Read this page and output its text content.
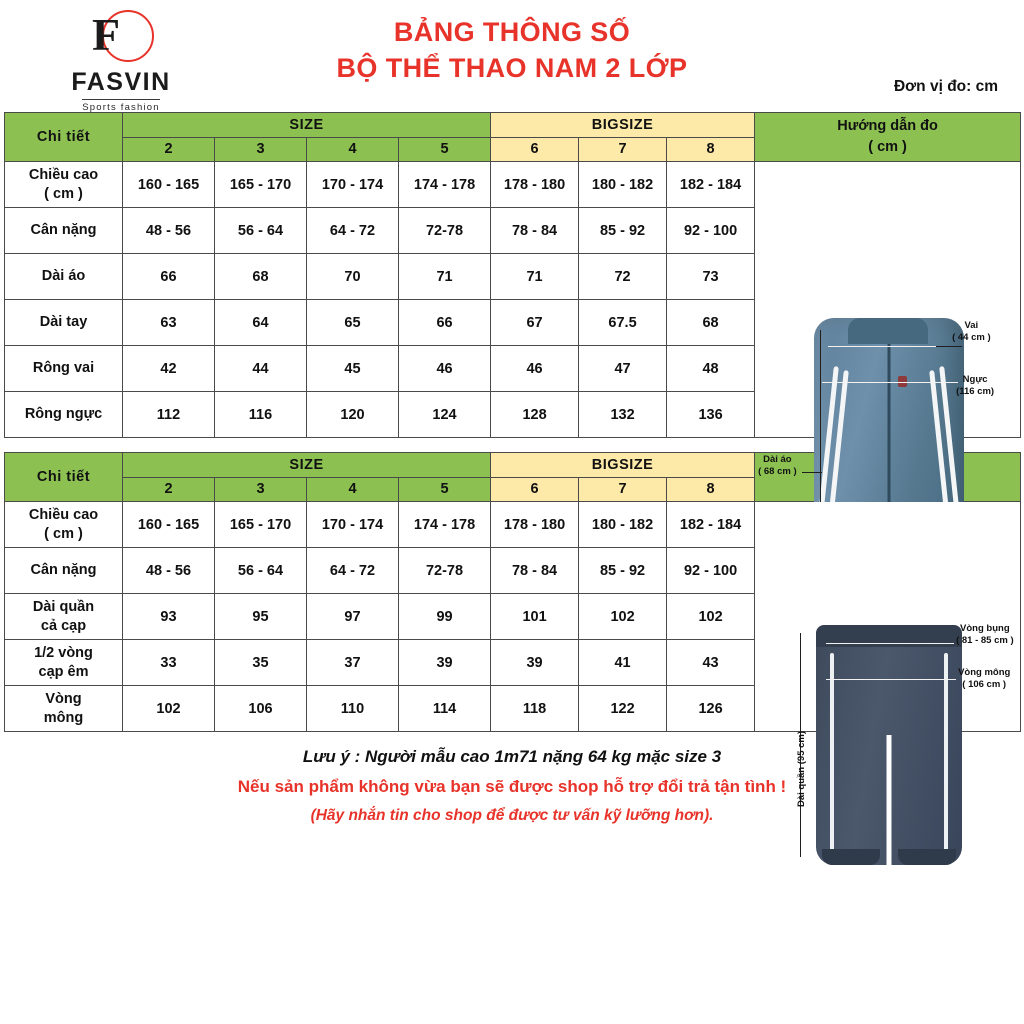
F
FASVIN
Sports fashion
BẢNG THÔNG SỐ
BỘ THỂ THAO NAM 2 LỚP
Đơn vị đo: cm
Chi tiết	SIZE				BIGSIZE			Hướng dẫn đo
( cm )

	2	3	4	5	6	7	8	

Chiều cao
( cm )
	160 - 165	165 - 170	170 - 174	174 - 178	178 - 180	180 - 182	182 - 184	
Vai
( 44 cm )
Ngực
(116 cm)
Dài áo
( 68 cm )

Cân nặng	48 - 56	56 - 64	64 - 72	72-78	78 - 84	85 - 92	92 - 100	
Dài áo	66	68	70	71	71	72	73	
Dài tay	63	64	65	66	67	67.5	68	
Rông vai	42	44	45	46	46	47	48	
Rông ngực	112	116	120	124	128	132	136	
Chi tiết	SIZE				BIGSIZE	

	2	3	4	5	6	7	8	

Chiều cao
( cm )
	160 - 165	165 - 170	170 - 174	174 - 178	178 - 180	180 - 182	182 - 184	
Vòng bụng
( 81 - 85 cm )
Vòng mông
( 106 cm )
Dài quần (95 cm)

Cân nặng	48 - 56	56 - 64	64 - 72	72-78	78 - 84	85 - 92	92 - 100	

Dài quần
cả cạp	93	95	97	99	101	102	102	

1/2 vòng
cạp êm	33	35	37	39	39	41	43	

Vòng
mông	102	106	110	114	118	122	126	
Lưu ý : Người mẫu cao 1m71 nặng 64 kg mặc size 3
Nếu sản phẩm không vừa bạn sẽ được shop hỗ trợ đổi trả tận tình !
(Hãy nhắn tin cho shop để được tư vấn kỹ lưỡng hơn).
